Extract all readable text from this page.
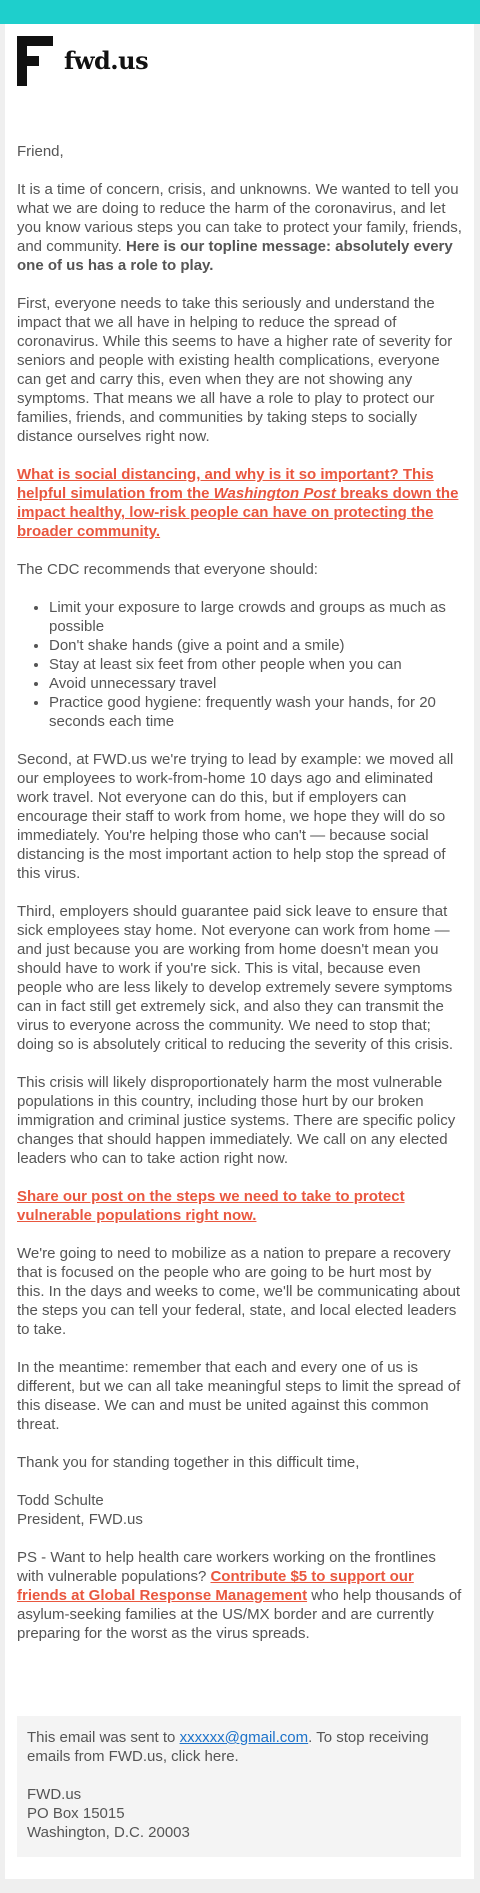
fwd.us

Friend,

It is a time of concern, crisis, and unknowns. We wanted to tell you what we are doing to reduce the harm of the coronavirus, and let you know various steps you can take to protect your family, friends, and community. Here is our topline message: absolutely every one of us has a role to play.

First, everyone needs to take this seriously and understand the impact that we all have in helping to reduce the spread of coronavirus. While this seems to have a higher rate of severity for seniors and people with existing health complications, everyone can get and carry this, even when they are not showing any symptoms. That means we all have a role to play to protect our families, friends, and communities by taking steps to socially distance ourselves right now.

What is social distancing, and why is it so important? This helpful simulation from the Washington Post breaks down the impact healthy, low-risk people can have on protecting the broader community.

The CDC recommends that everyone should:

• Limit your exposure to large crowds and groups as much as possible
• Don't shake hands (give a point and a smile)
• Stay at least six feet from other people when you can
• Avoid unnecessary travel
• Practice good hygiene: frequently wash your hands, for 20 seconds each time

Second, at FWD.us we're trying to lead by example: we moved all our employees to work-from-home 10 days ago and eliminated work travel. Not everyone can do this, but if employers can encourage their staff to work from home, we hope they will do so immediately. You're helping those who can't — because social distancing is the most important action to help stop the spread of this virus.

Third, employers should guarantee paid sick leave to ensure that sick employees stay home. Not everyone can work from home — and just because you are working from home doesn't mean you should have to work if you're sick. This is vital, because even people who are less likely to develop extremely severe symptoms can in fact still get extremely sick, and also they can transmit the virus to everyone across the community. We need to stop that; doing so is absolutely critical to reducing the severity of this crisis.

This crisis will likely disproportionately harm the most vulnerable populations in this country, including those hurt by our broken immigration and criminal justice systems. There are specific policy changes that should happen immediately. We call on any elected leaders who can to take action right now.

Share our post on the steps we need to take to protect vulnerable populations right now.

We're going to need to mobilize as a nation to prepare a recovery that is focused on the people who are going to be hurt most by this. In the days and weeks to come, we'll be communicating about the steps you can tell your federal, state, and local elected leaders to take.

In the meantime: remember that each and every one of us is different, but we can all take meaningful steps to limit the spread of this disease. We can and must be united against this common threat.

Thank you for standing together in this difficult time,

Todd Schulte
President, FWD.us

PS - Want to help health care workers working on the frontlines with vulnerable populations? Contribute $5 to support our friends at Global Response Management who help thousands of asylum-seeking families at the US/MX border and are currently preparing for the worst as the virus spreads.

This email was sent to xxxxxx@gmail.com. To stop receiving emails from FWD.us, click here.

FWD.us
PO Box 15015
Washington, D.C. 20003
